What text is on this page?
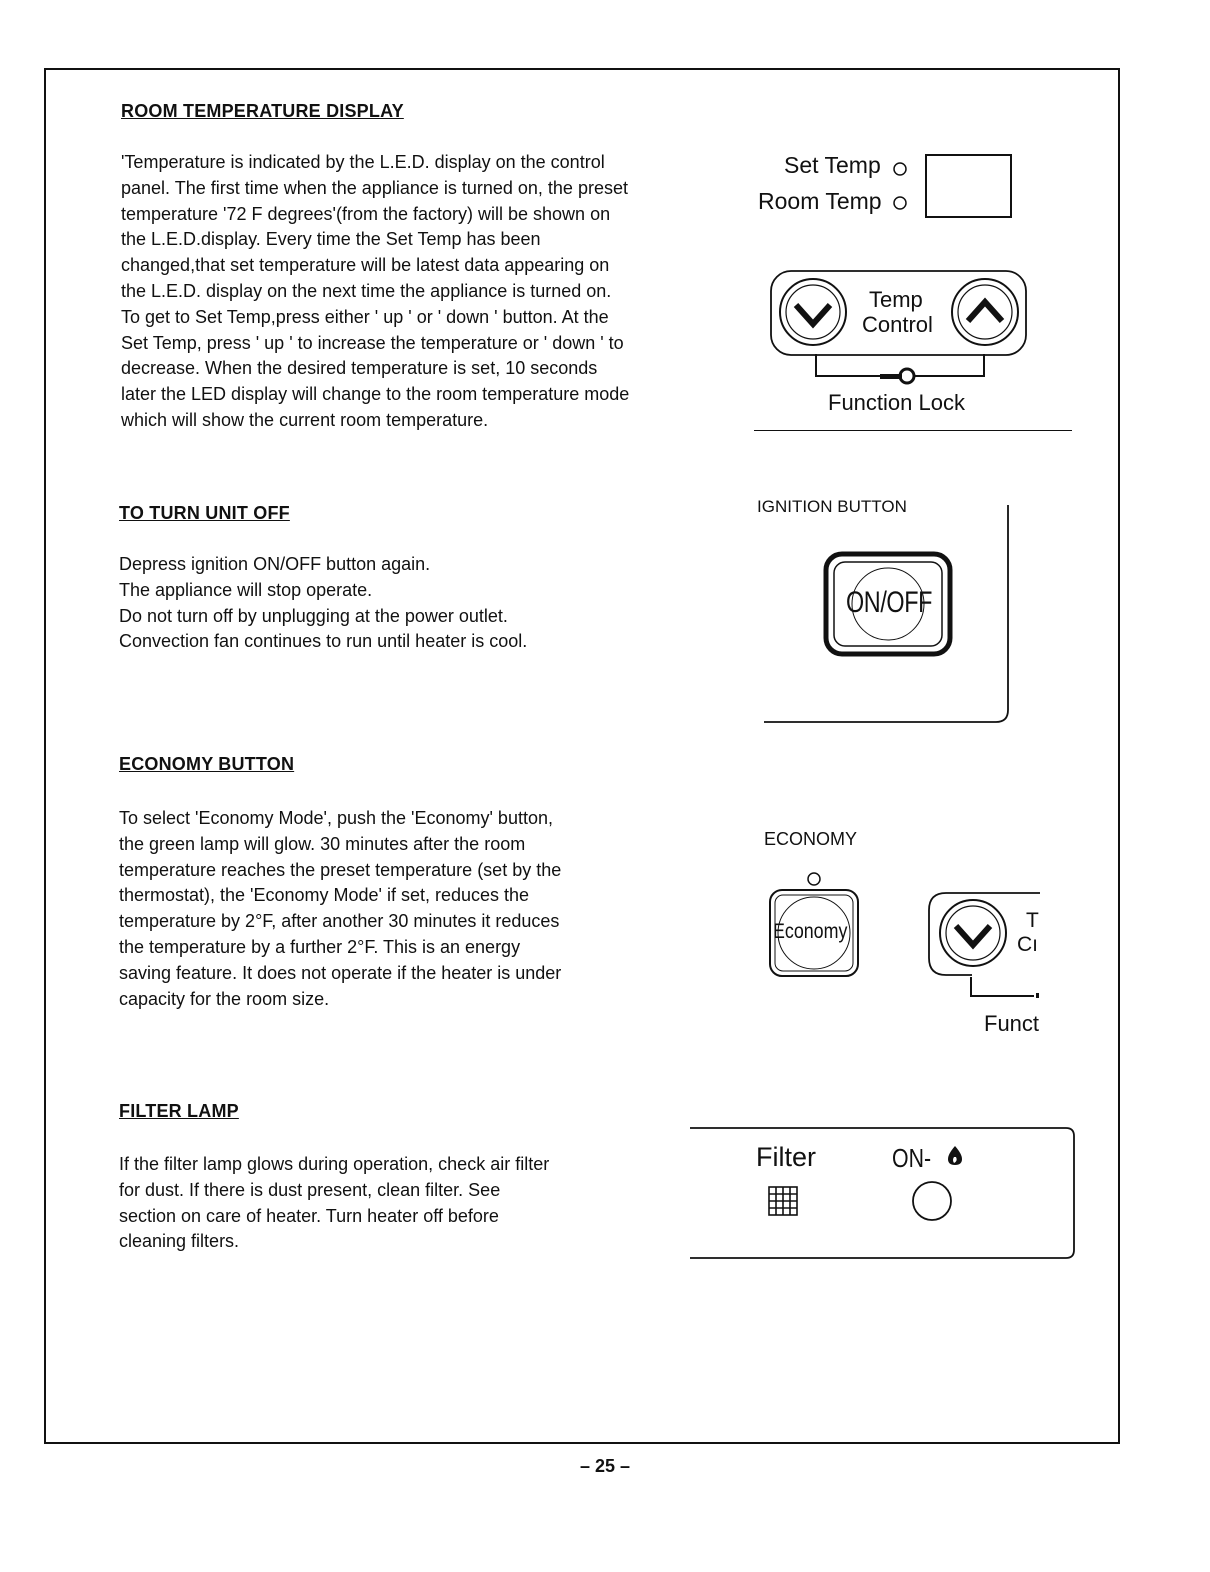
ROOM TEMPERATURE DISPLAY
'Temperature is indicated by the L.E.D. display on the control
panel. The first time when the appliance is turned on, the preset
temperature '72 F degrees'(from the factory) will be shown on
the L.E.D.display. Every time the Set Temp has been
changed,that set temperature will be latest data appearing on
the L.E.D. display on the next time the appliance is turned on.
To get to Set Temp,press either ' up ' or ' down ' button. At the
Set Temp, press ' up ' to increase the temperature or ' down ' to
decrease. When the desired temperature is set, 10 seconds
later the LED display will change to the room temperature mode
which will show the current room temperature.
Set Temp
Room Temp
Temp
Control
Function Lock
TO TURN UNIT OFF
Depress ignition ON/OFF button again.
The appliance will stop operate.
Do not turn off by unplugging at the power outlet.
Convection fan continues to run until heater is cool.
IGNITION BUTTON
ON/OFF
ECONOMY BUTTON
To select 'Economy Mode', push the 'Economy' button,
the green lamp will glow. 30 minutes after the room
temperature reaches the preset temperature (set by the
thermostat), the 'Economy Mode' if set, reduces the
temperature by 2°F, after another 30 minutes it reduces
the temperature by a further 2°F. This is an energy
saving feature. It does not operate if the heater is under
capacity for the room size.
ECONOMY
Economy	T
Cı
Funct
FILTER LAMP
If the filter lamp glows during operation, check air filter
for dust. If there is dust present, clean filter. See
section on care of heater. Turn heater off before
cleaning filters.
Filter	ON-
– 25 –
